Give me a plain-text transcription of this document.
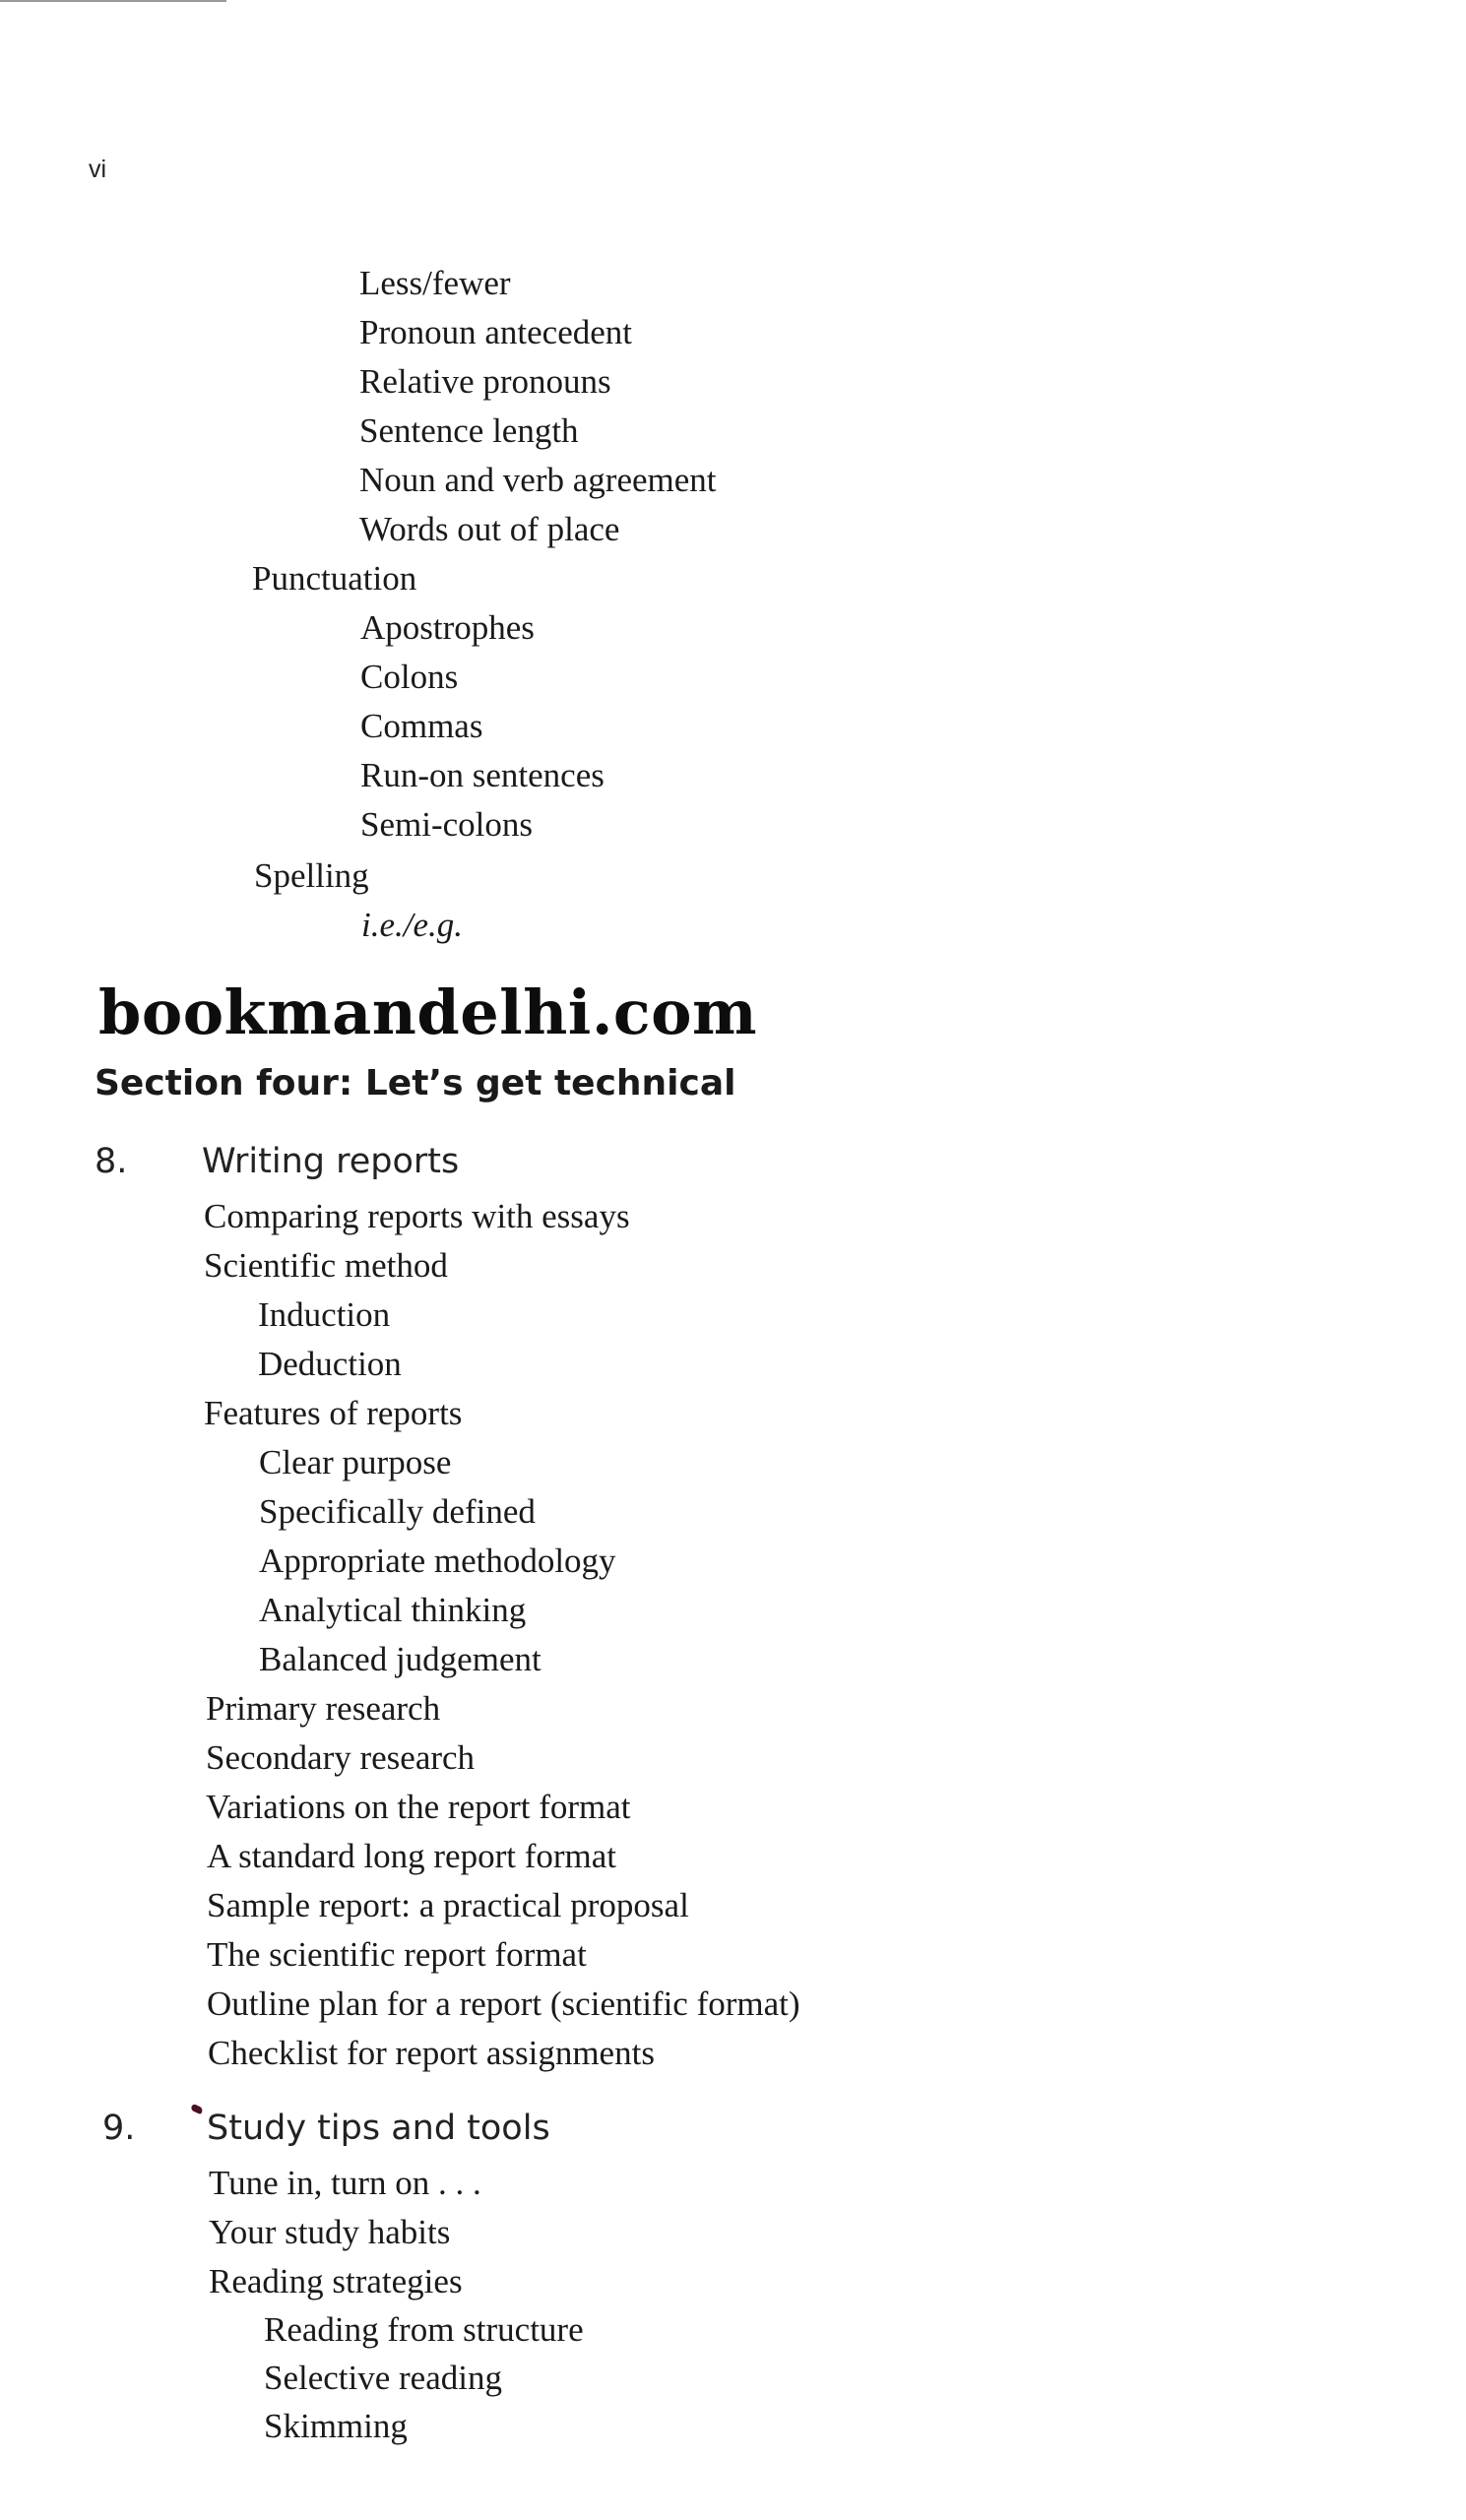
vi
Less/fewer
Pronoun antecedent
Relative pronouns
Sentence length
Noun and verb agreement
Words out of place
Punctuation
Apostrophes
Colons
Commas
Run-on sentences
Semi-colons
Spelling
i.e./e.g.
bookmandelhi.com
Section four: Let’s get technical
8. Writing reports
Comparing reports with essays
Scientific method
Induction
Deduction
Features of reports
Clear purpose
Specifically defined
Appropriate methodology
Analytical thinking
Balanced judgement
Primary research
Secondary research
Variations on the report format
A standard long report format
Sample report: a practical proposal
The scientific report format
Outline plan for a report (scientific format)
Checklist for report assignments
9. Study tips and tools
Tune in, turn on . . .
Your study habits
Reading strategies
Reading from structure
Selective reading
Skimming
